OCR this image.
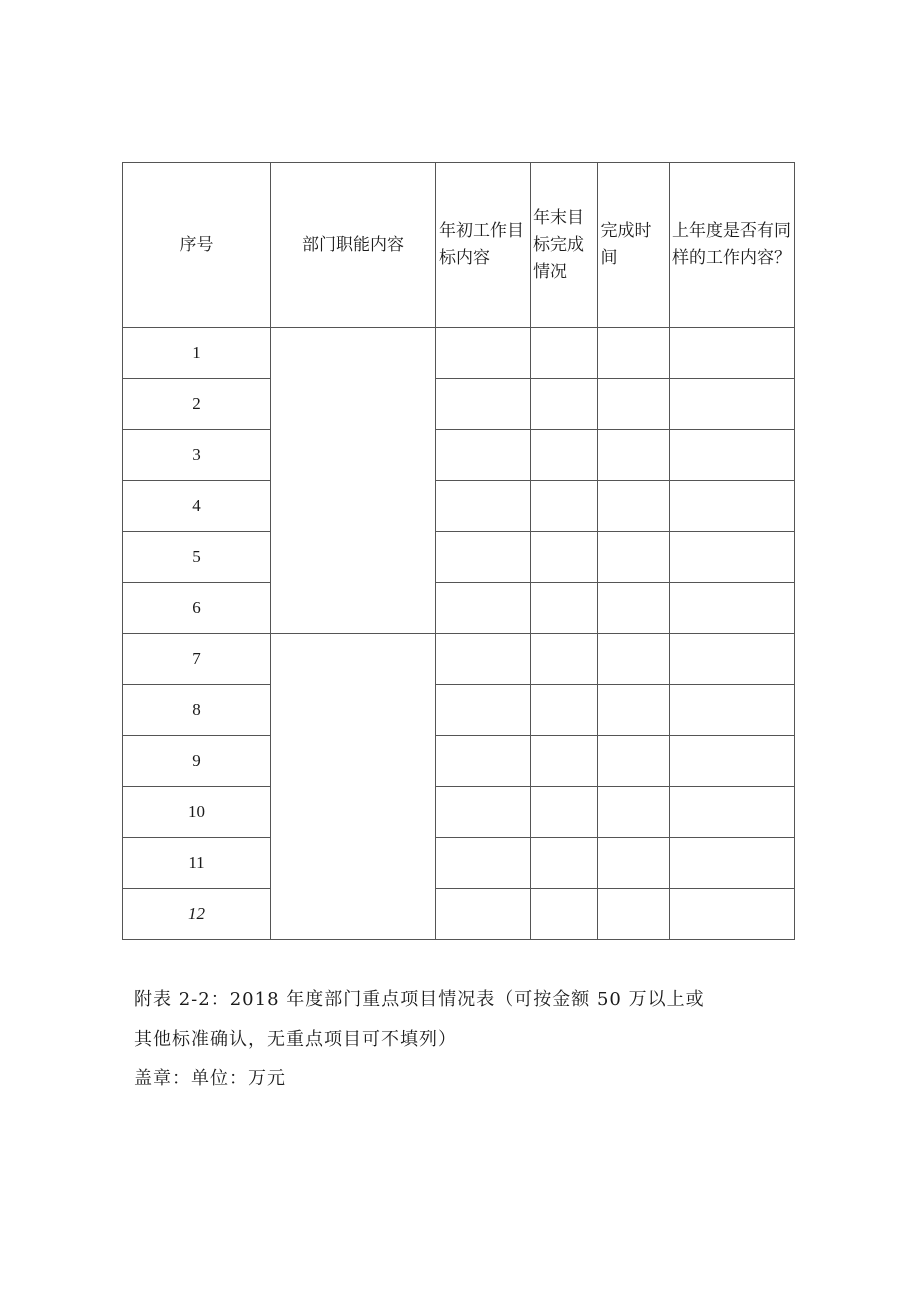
序号	部门职能内容	年初工作目标内容	年末目标完成情况	完成时间	上年度是否有同样的工作内容？
1					
2					
3					
4					
5					
6					
7					
8					
9					
10					
11					
12					
附表 2-2：2018 年度部门重点项目情况表（可按金额 50 万以上或
其他标准确认，无重点项目可不填列）
盖章：单位：万元
